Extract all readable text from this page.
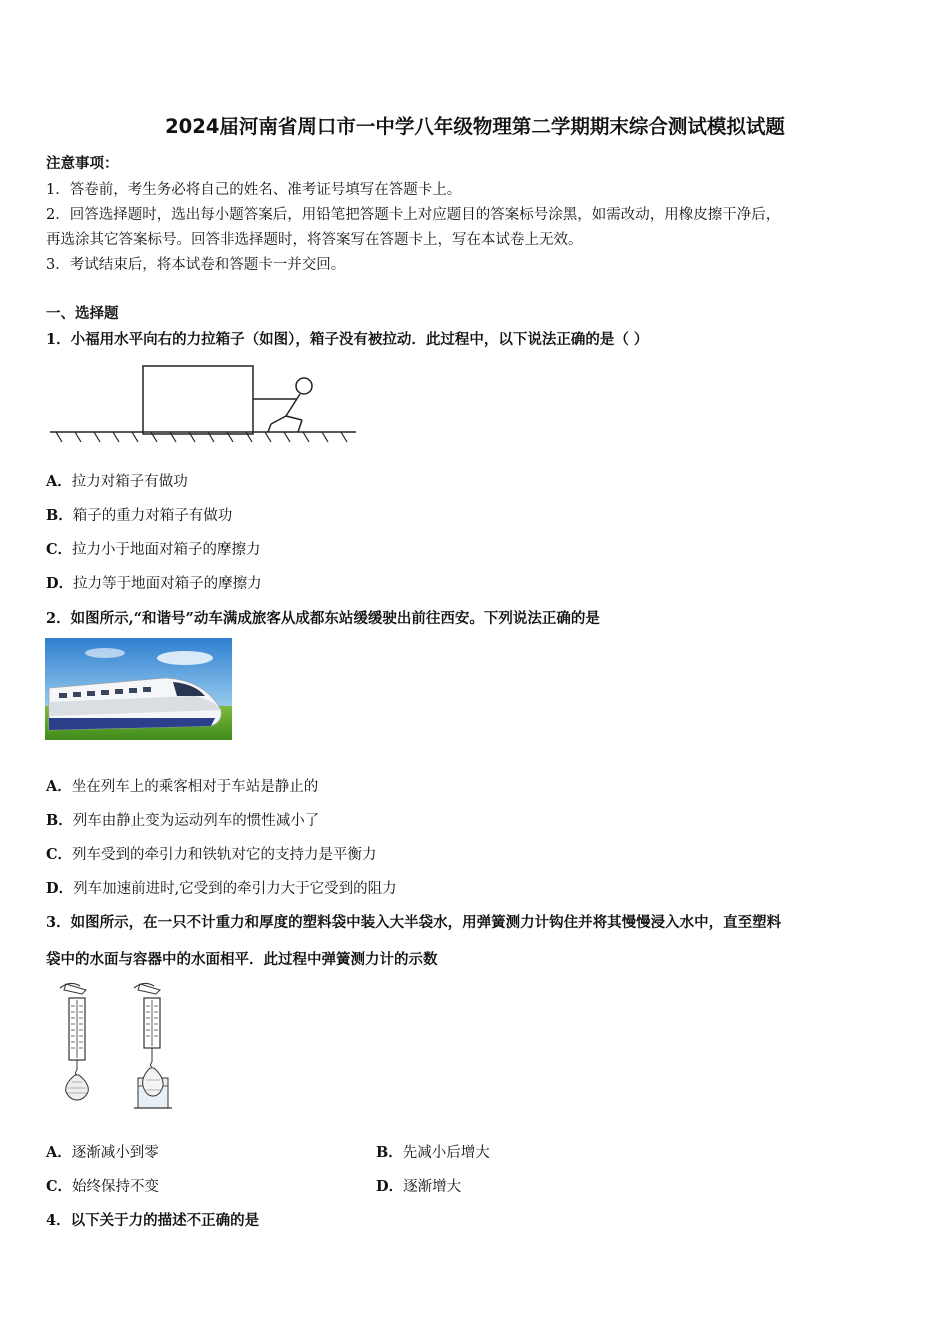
2024届河南省周口市一中学八年级物理第二学期期末综合测试模拟试题
注意事项：
1．答卷前，考生务必将自己的姓名、准考证号填写在答题卡上。
2．回答选择题时，选出每小题答案后，用铅笔把答题卡上对应题目的答案标号涂黑，如需改动，用橡皮擦干净后，
再选涂其它答案标号。回答非选择题时，将答案写在答题卡上，写在本试卷上无效。
3．考试结束后，将本试卷和答题卡一并交回。
一、选择题
1．小福用水平向右的力拉箱子（如图），箱子没有被拉动．此过程中，以下说法正确的是（ ）
A．拉力对箱子有做功
B．箱子的重力对箱子有做功
C．拉力小于地面对箱子的摩擦力
D．拉力等于地面对箱子的摩擦力
2．如图所示,“和谐号”动车满成旅客从成都东站缓缓驶出前往西安。下列说法正确的是
A．坐在列车上的乘客相对于车站是静止的
B．列车由静止变为运动列车的惯性减小了
C．列车受到的牵引力和铁轨对它的支持力是平衡力
D．列车加速前进时,它受到的牵引力大于它受到的阻力
3．如图所示，在一只不计重力和厚度的塑料袋中装入大半袋水，用弹簧测力计钩住并将其慢慢浸入水中，直至塑料
袋中的水面与容器中的水面相平．此过程中弹簧测力计的示数
A．逐渐减小到零	B．先减小后增大
C．始终保持不变	D．逐渐增大
4．以下关于力的描述不正确的是
